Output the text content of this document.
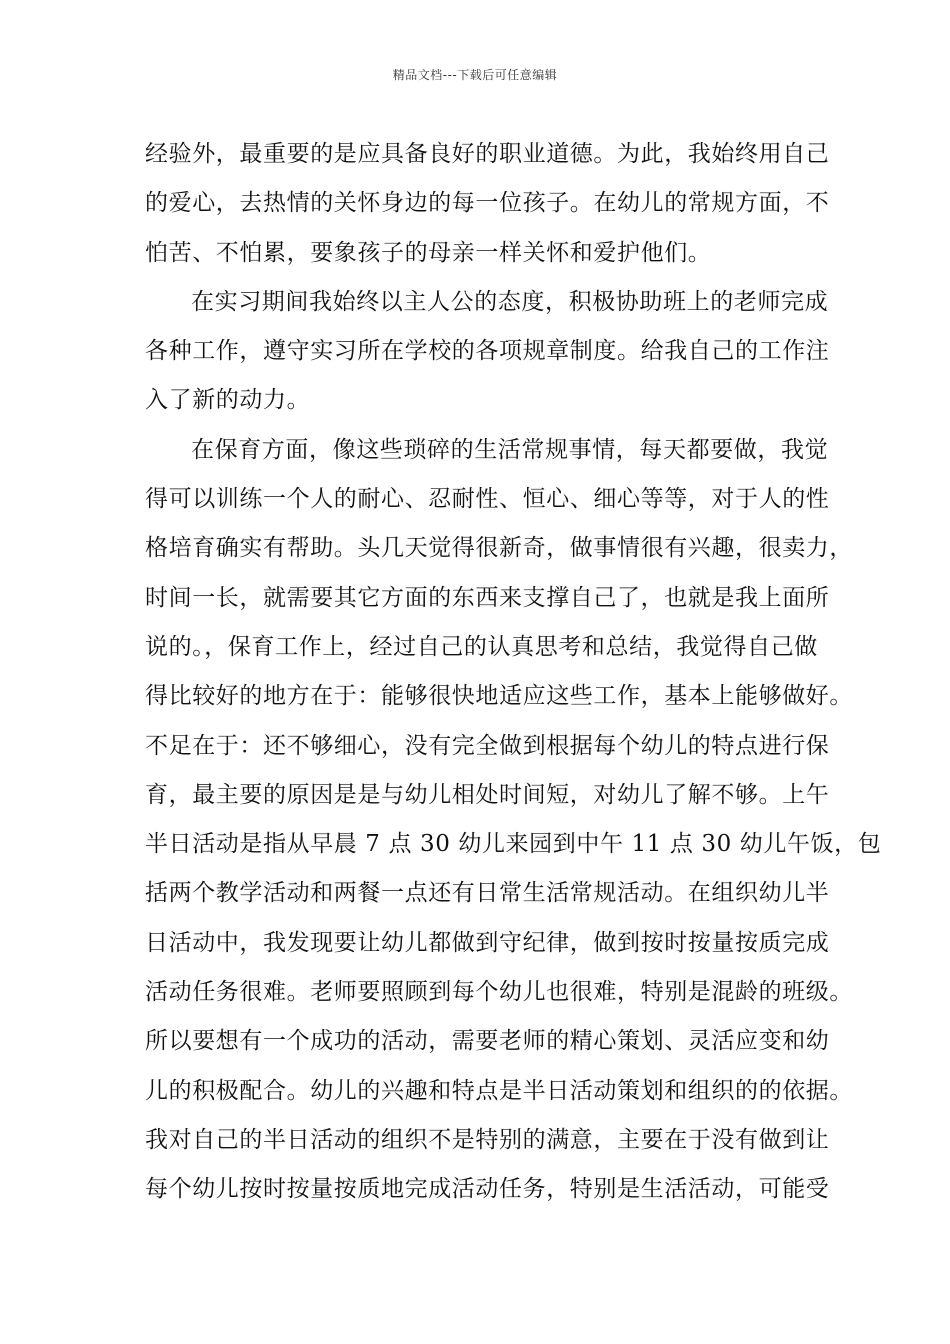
精品文档---下载后可任意编辑
经验外，最重要的是应具备良好的职业道德。为此，我始终用自己
的爱心，去热情的关怀身边的每一位孩子。在幼儿的常规方面，不
怕苦、不怕累，要象孩子的母亲一样关怀和爱护他们。
在实习期间我始终以主人公的态度，积极协助班上的老师完成
各种工作，遵守实习所在学校的各项规章制度。给我自己的工作注
入了新的动力。
在保育方面，像这些琐碎的生活常规事情，每天都要做，我觉
得可以训练一个人的耐心、忍耐性、恒心、细心等等，对于人的性
格培育确实有帮助。头几天觉得很新奇，做事情很有兴趣，很卖力，
时间一长，就需要其它方面的东西来支撑自己了，也就是我上面所
说的。，保育工作上，经过自己的认真思考和总结，我觉得自己做
得比较好的地方在于：能够很快地适应这些工作，基本上能够做好。
不足在于：还不够细心，没有完全做到根据每个幼儿的特点进行保
育，最主要的原因是是与幼儿相处时间短，对幼儿了解不够。上午
半日活动是指从早晨 7 点 30 幼儿来园到中午 11 点 30 幼儿午饭，包
括两个教学活动和两餐一点还有日常生活常规活动。在组织幼儿半
日活动中，我发现要让幼儿都做到守纪律，做到按时按量按质完成
活动任务很难。老师要照顾到每个幼儿也很难，特别是混龄的班级。
所以要想有一个成功的活动，需要老师的精心策划、灵活应变和幼
儿的积极配合。幼儿的兴趣和特点是半日活动策划和组织的的依据。
我对自己的半日活动的组织不是特别的满意，主要在于没有做到让
每个幼儿按时按量按质地完成活动任务，特别是生活活动，可能受
